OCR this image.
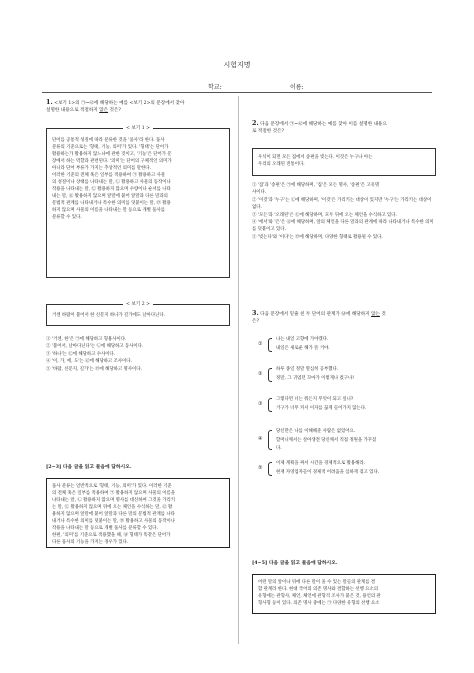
시험지명
학교:	이름:
1. <보기 1>의 ㉠~㉣에 해당하는 예를 <보기 2>의 문장에서 찾아
설명한 내용으로 적절하지 않은 것은?
< 보기 1 >
단어를 공통적 성질에 따라 분류한 것을 '품사'라 한다. 품사
분류의 기준으로는 '형태, 기능, 의미'가 있다. '형태'는 단어가
활용하는가 활용하지 않느냐에 관한 것이고, '기능'은 단어가 문
장에서 하는 역할과 관련된다. '의미'는 단어의 구체적인 의미가
아니라 단어 부류가 가지는 추상적인 의미를 말한다.
이러한 기준의 전체 혹은 일부를 적용하여 ㉠ 활용하고 사물
의 성질이나 상태를 나타내는 말, ㉡ 활용하고 사물의 동작이나
작용을 나타내는 말, ㉢ 활용하지 않으며 수량이나 순서를 나타
내는 말, ㉣ 활용하지 않으며 앞말에 붙어 앞말과 다른 말과의
문법적 관계를 나타내거나 특수한 의미를 덧붙이는 말, ㉤ 활용
하지 않으며 사물의 이름을 나타내는 말 등으로 개별 품사를
분류할 수 있다.
< 보기 2 >
거센 바람이 불어서 한 신문지 하나가 길가에도 날아다닌다.
① '거센, 한'은 ㉠에 해당하고 형용사이다.
② '불어서, 날아다닌다'는 ㉡에 해당하고 동사이다.
③ '하나'는 ㉢에 해당하고 수사이다.
④ '이, 가, 에, 도'는 ㉣에 해당하고 조사이다.
⑤ '바람, 신문지, 길가'는 ㉤에 해당하고 명사이다.
[2~3] 다음 글을 읽고 물음에 답하시오.
품사 분류는 일반적으로 '형태, 기능, 의미'가 있다. 이러한 기준
의 전체 혹은 일부를 적용하여 ㉠ 활용하지 않으며 사물의 이름을
나타내는 말, ㉡ 활용하지 않으며 명사를 대신하여 그것을 가리키
는 말, ㉢ 활용하지 않으며 뒤에 오는 체언을 수식하는 말, ㉣ 활
용하지 않으며 앞말에 붙어 앞말과 다른 말의 문법적 관계를 나타
내거나 특수한 의미를 덧붙이는 말, ㉤ 활용하고 사물의 동작이나
작용을 나타내는 말 등으로 개별 품사를 분류할 수 있다.
한편, '의미'를 기준으로 적용했을 때, ㉥ 형태가 똑같은 단어가
다른 품사의 기능을 가지는 경우가 있다.
2. 다음 문장에서 ㉠~㉣에 해당하는 예를 찾아 이를 설명한 내용으
로 적절한 것은?
우석이 되면 모든 집에서 송편을 빚는다. 이것은 누구나 아는
우리의 오래된 전통이다.
① '집'과 '송편'은 ㉠에 해당하며, '집'은 모든 명사, '송편'은 고유명
사이다.
② '이것'과 '누구'는 ㉡에 해당하며, '이것'은 가리키는 대상이 있지만 '누구'는 가리키는 대상이 없다.
③ '모든'과 '오래된'은 ㉢에 해당하며, 모두 뒤에 오는 체언을 수식하고 있다.
④ '에서'와 '은'은 ㉣에 해당하며, 앞의 체언을 다른 말과의 관계에 따라 나타내거나 특수한 의미를 덧붙이고 있다.
⑤ '빚는다'와 '이다'는 ㉤에 해당하며, 다양한 형태로 활용될 수 있다.
3. 다음 문장에서 밑줄 친 두 단어의 관계가 ㉥에 해당하지 않는 것
은?
①
나는 내일 고향에 가야겠다.
내일은 새로운 해가 뜰 거야.
②
하루 종일 정말 열심히 공부했다.
정말, 그 귀엽던 꼬마가 이렇게나 컸구나!
③
그렇다면 너는 뭐든지 무엇이 되고 싶니?
거구가 너무 커서 이자를 끊게 들어가지 않는다.
④
당신만은 나를 이해해준 사람은 없었어요.
할머니께서는 살아생전 당신께서 직접 정원을 가꾸셨
다.
⑤
이제 계획을 짜서 시간을 경제적으로 활용해라.
현재 자영업자들이 경제적 어려움을 심하게 겪고 있다.
[4~5] 다음 글을 읽고 물음에 답하시오.
어떤 말의 앞이나 뒤에 다른 말이 올 수 있는 말들의 관계를 결
합 관계라 한다. 현대 국어의 의존 명사와 결합하는 선행 요소의
유형에는 관형사, 체언, 체언에 관형격 조사가 붙은 것, 용언의 관
형사형 등이 있다. 의존 명사 중에는 ㉠ 다양한 유형의 선행 요소
